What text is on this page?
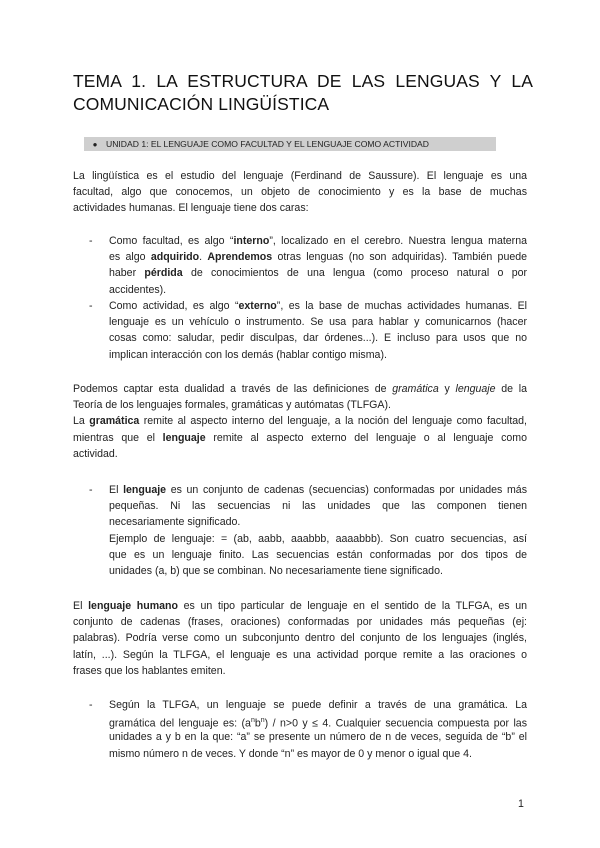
TEMA 1. LA ESTRUCTURA DE LAS LENGUAS Y LA
COMUNICACIÓN LINGÜÍSTICA
● UNIDAD 1: EL LENGUAJE COMO FACULTAD Y EL LENGUAJE COMO ACTIVIDAD
La lingüística es el estudio del lenguaje (Ferdinand de Saussure). El lenguaje es una
facultad, algo que conocemos, un objeto de conocimiento y es la base de muchas
actividades humanas. El lenguaje tiene dos caras:
- Como facultad, es algo “interno”, localizado en el cerebro. Nuestra lengua materna
es algo adquirido. Aprendemos otras lenguas (no son adquiridas). También puede
haber pérdida de conocimientos de una lengua (como proceso natural o por
accidentes).
- Como actividad, es algo “externo”, es la base de muchas actividades humanas. El
lenguaje es un vehículo o instrumento. Se usa para hablar y comunicarnos (hacer
cosas como: saludar, pedir disculpas, dar órdenes...). E incluso para usos que no
implican interacción con los demás (hablar contigo misma).
Podemos captar esta dualidad a través de las definiciones de gramática y lenguaje de la
Teoría de los lenguajes formales, gramáticas y autómatas (TLFGA).
La gramática remite al aspecto interno del lenguaje, a la noción del lenguaje como facultad,
mientras que el lenguaje remite al aspecto externo del lenguaje o al lenguaje como
actividad.
- El lenguaje es un conjunto de cadenas (secuencias) conformadas por unidades más
pequeñas. Ni las secuencias ni las unidades que las componen tienen
necesariamente significado.
Ejemplo de lenguaje: = (ab, aabb, aaabbb, aaaabbb). Son cuatro secuencias, así
que es un lenguaje finito. Las secuencias están conformadas por dos tipos de
unidades (a, b) que se combinan. No necesariamente tiene significado.
El lenguaje humano es un tipo particular de lenguaje en el sentido de la TLFGA, es un
conjunto de cadenas (frases, oraciones) conformadas por unidades más pequeñas (ej:
palabras). Podría verse como un subconjunto dentro del conjunto de los lenguajes (inglés,
latín, ...). Según la TLFGA, el lenguaje es una actividad porque remite a las oraciones o
frases que los hablantes emiten.
- Según la TLFGA, un lenguaje se puede definir a través de una gramática. La
gramática del lenguaje es: $(a^nb^n) / n>0$ y ≤ 4. Cualquier secuencia compuesta por las
unidades a y b en la que: “a” se presente un número de n de veces, seguida de “b” el
mismo número n de veces. Y donde “n” es mayor de 0 y menor o igual que 4.
1
